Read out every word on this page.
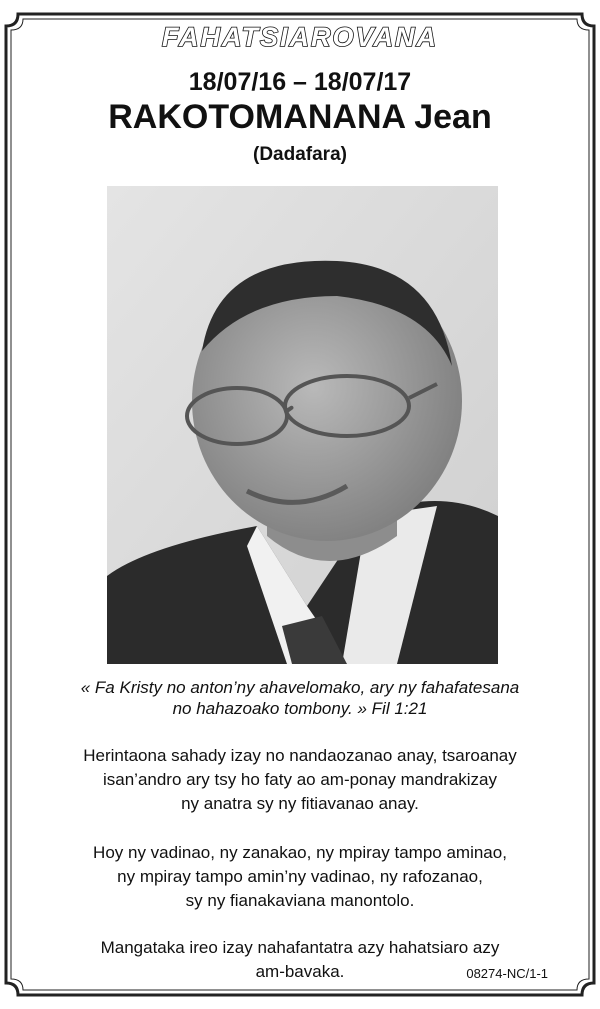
FAHATSIAROVANA
18/07/16 – 18/07/17
RAKOTOMANANA Jean
(Dadafara)
« Fa Kristy no anton’ny ahavelomako, ary ny fahafatesana
no hahazoako tombony. » Fil 1:21
Herintaona sahady izay no nandaozanao anay, tsaroanay
isan’andro ary tsy ho faty ao am-ponay mandrakizay
ny anatra sy ny fitiavanao anay.
Hoy ny vadinao, ny zanakao, ny mpiray tampo aminao,
ny mpiray tampo amin’ny vadinao, ny rafozanao,
sy ny fianakaviana manontolo.
Mangataka ireo izay nahafantatra azy hahatsiaro azy
am-bavaka.	08274-NC/1-1
